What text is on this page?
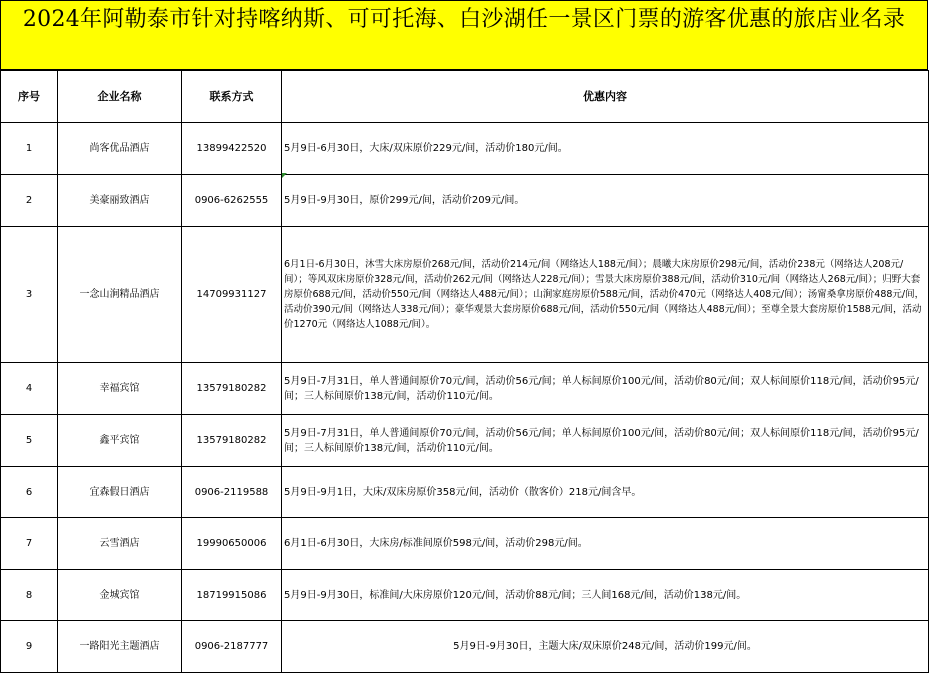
2024年阿勒泰市针对持喀纳斯、可可托海、白沙湖任一景区门票的游客优惠的旅店业名录
序号	企业名称	联系方式	优惠内容
1	尚客优品酒店	13899422520	5月9日-6月30日，大床/双床原价229元/间，活动价180元/间。
2	美豪丽致酒店	0906-6262555	5月9日-9月30日，原价299元/间，活动价209元/间。
3	一念山涧精品酒店	14709931127	6月1日-6月30日，沐雪大床房原价268元/间，活动价214元/间（网络达人188元/间）；晨曦大床房原价298元/间，活动价238元（网络达人208元/间）；等风双床房原价328元/间，活动价262元/间（网络达人228元/间）；雪景大床房原价388元/间，活动价310元/间（网络达人268元/间）；归野大套房原价688元/间，活动价550元/间（网络达人488元/间）；山涧家庭房原价588元/间，活动价470元（网络达人408元/间）；汤甯桑拿房原价488元/间，活动价390元/间（网络达人338元/间）；豪华观景大套房原价688元/间，活动价550元/间（网络达人488元/间）；至尊全景大套房原价1588元/间，活动价1270元（网络达人1088元/间）。
4	幸福宾馆	13579180282	5月9日-7月31日，单人普通间原价70元/间，活动价56元/间；单人标间原价100元/间，活动价80元/间；双人标间原价118元/间，活动价95元/间；三人标间原价138元/间，活动价110元/间。
5	鑫平宾馆	13579180282	5月9日-7月31日，单人普通间原价70元/间，活动价56元/间；单人标间原价100元/间，活动价80元/间；双人标间原价118元/间，活动价95元/间；三人标间原价138元/间，活动价110元/间。
6	宜森假日酒店	0906-2119588	5月9日-9月1日，大床/双床房原价358元/间，活动价（散客价）218元/间含早。
7	云雪酒店	19990650006	6月1日-6月30日，大床房/标准间原价598元/间，活动价298元/间。
8	金城宾馆	18719915086	5月9日-9月30日，标准间/大床房原价120元/间，活动价88元/间；三人间168元/间，活动价138元/间。
9	一路阳光主题酒店	0906-2187777	5月9日-9月30日，主题大床/双床原价248元/间，活动价199元/间。
